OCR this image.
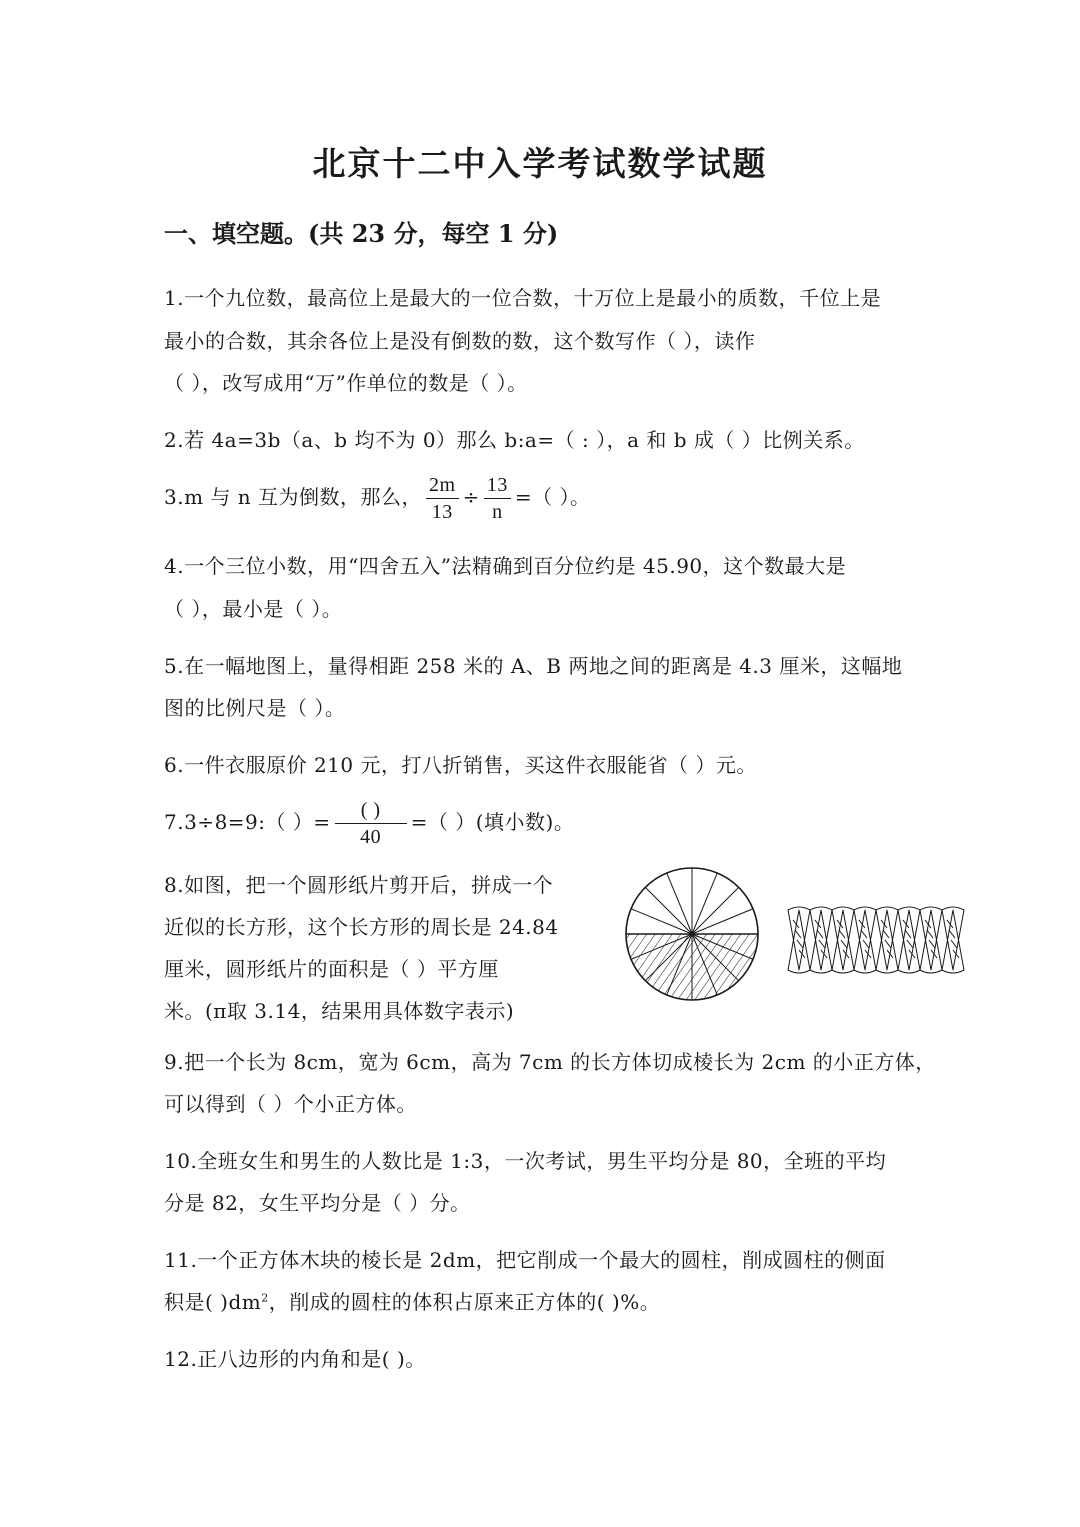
北京十二中入学考试数学试题
一、填空题。(共 23 分，每空 1 分)
1.一个九位数，最高位上是最大的一位合数，十万位上是最小的质数，千位上是
最小的合数，其余各位上是没有倒数的数，这个数写作（ ），读作
（ ），改写成用“万”作单位的数是（ ）。
2.若 4a=3b（a、b 均不为 0）那么 b:a=（ : ），a 和 b 成（ ）比例关系。
3.m 与 n 互为倒数，那么， $\frac{2m}{13} \div \frac{13}{n}$ =（ ）。
4.一个三位小数，用“四舍五入”法精确到百分位约是 45.90，这个数最大是
（ ），最小是（ ）。
5.在一幅地图上，量得相距 258 米的 A、B 两地之间的距离是 4.3 厘米，这幅地
图的比例尺是（ ）。
6.一件衣服原价 210 元，打八折销售，买这件衣服能省（ ）元。
7.3÷8=9:（ ）= $\frac{( )}{40}$ =（ ）(填小数)。
8.如图，把一个圆形纸片剪开后，拼成一个
近似的长方形，这个长方形的周长是 24.84
厘米，圆形纸片的面积是（ ）平方厘
米。(π取 3.14，结果用具体数字表示)
9.把一个长为 8cm，宽为 6cm，高为 7cm 的长方体切成棱长为 2cm 的小正方体，
可以得到（ ）个小正方体。
10.全班女生和男生的人数比是 1:3，一次考试，男生平均分是 80，全班的平均
分是 82，女生平均分是（ ）分。
11.一个正方体木块的棱长是 2dm，把它削成一个最大的圆柱，削成圆柱的侧面
积是( )$dm^2$，削成的圆柱的体积占原来正方体的( )%。
12.正八边形的内角和是( )。
